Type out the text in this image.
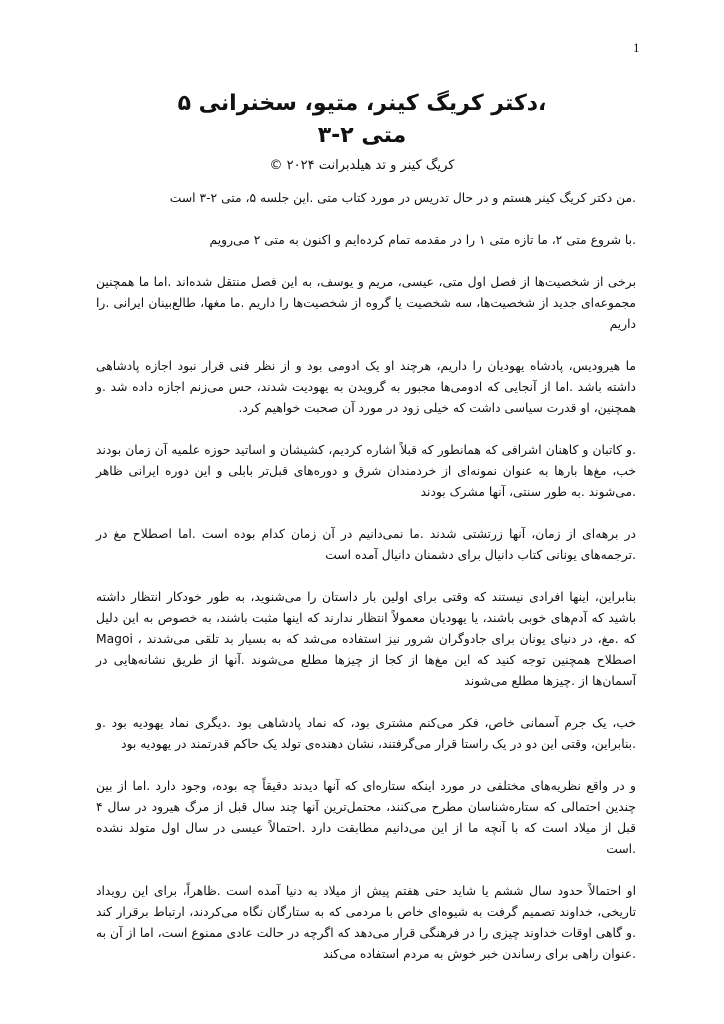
1
،دکتر کریگ کینر، متیو، سخنرانی ۵
متی ۲-۳
کریگ کینر و تد هیلدبرانت ۲۰۲۴ ©

.من دکتر کریگ کینر هستم و در حال تدریس در مورد کتاب متی .این جلسه ۵، متی ۲-۳ است

.با شروع متی ۲، ما تازه متی ۱ را در مقدمه تمام کرده‌ایم و اکنون به متی ۲ می‌رویم

برخی از شخصیت‌ها از فصل اول متی، عیسی، مریم و یوسف، به این فصل منتقل شده‌اند .اما ما همچنین مجموعه‌ای جدید از شخصیت‌ها، سه شخصیت یا گروه از شخصیت‌ها را داریم .ما مغها، طالع‌بینان ایرانی .را داریم

ما هیرودیس، پادشاه یهودیان را داریم، هرچند او یک ادومی بود و از نظر فنی قرار نبود اجازه پادشاهی داشته باشد .اما از آنجایی که ادومی‌ها مجبور به گرویدن به یهودیت شدند، حس می‌زنم اجازه داده شد .و همچنین، او قدرت سیاسی داشت که خیلی زود در مورد آن صحبت خواهیم کرد.

.و کاتبان و کاهنان اشرافی که همانطور که قبلاً اشاره کردیم، کشیشان و اساتید حوزه علمیه آن زمان بودند خب، مغ‌ها بارها به عنوان نمونه‌ای از خردمندان شرق و دوره‌های قبل‌تر بابلی و این دوره ایرانی ظاهر .می‌شوند .به طور سنتی، آنها مشرک بودند

در برهه‌ای از زمان، آنها زرتشتی شدند .ما نمی‌دانیم در آن زمان کدام بوده است .اما اصطلاح مغ در .ترجمه‌های یونانی کتاب دانیال برای دشمنان دانیال آمده است

بنابراین، اینها افرادی نیستند که وقتی برای اولین بار داستان را می‌شنوید، به طور خودکار انتظار داشته باشید که آدم‌های خوبی باشند، یا یهودیان معمولاً انتظار ندارند که اینها مثبت باشند، به خصوص به این دلیل که .مغ، در دنیای یونان برای جادوگران شرور نیز استفاده می‌شد که به بسیار بد تلقی می‌شدند ، Magoi اصطلاح همچنین توجه کنید که این مغ‌ها از کجا از چیزها مطلع می‌شوند .آنها از طریق نشانه‌هایی در آسمان‌ها از .چیزها مطلع می‌شوند

خب، یک جرم آسمانی خاص، فکر می‌کنم مشتری بود، که نماد پادشاهی بود .دیگری نماد یهودیه بود .و .بنابراین، وقتی این دو در یک راستا قرار می‌گرفتند، نشان دهنده‌ی تولد یک حاکم قدرتمند در یهودیه بود

و در واقع نظریه‌های مختلفی در مورد اینکه ستاره‌ای که آنها دیدند دقیقاً چه بوده، وجود دارد .اما از بین چندین احتمالی که ستاره‌شناسان مطرح می‌کنند، محتمل‌ترین آنها چند سال قبل از مرگ هیرود در سال ۴ قبل از میلاد است که با آنچه ما از این می‌دانیم مطابقت دارد .احتمالاً عیسی در سال اول متولد نشده .است

او احتمالاً حدود سال ششم یا شاید حتی هفتم پیش از میلاد به دنیا آمده است .ظاهراً، برای این رویداد تاریخی، خداوند تصمیم گرفت به شیوه‌ای خاص با مردمی که به ستارگان نگاه می‌کردند، ارتباط برقرار کند .و گاهی اوقات خداوند چیزی را در فرهنگی قرار می‌دهد که اگرچه در حالت عادی ممنوع است، اما از آن به .عنوان راهی برای رساندن خبر خوش به مردم استفاده می‌کند
